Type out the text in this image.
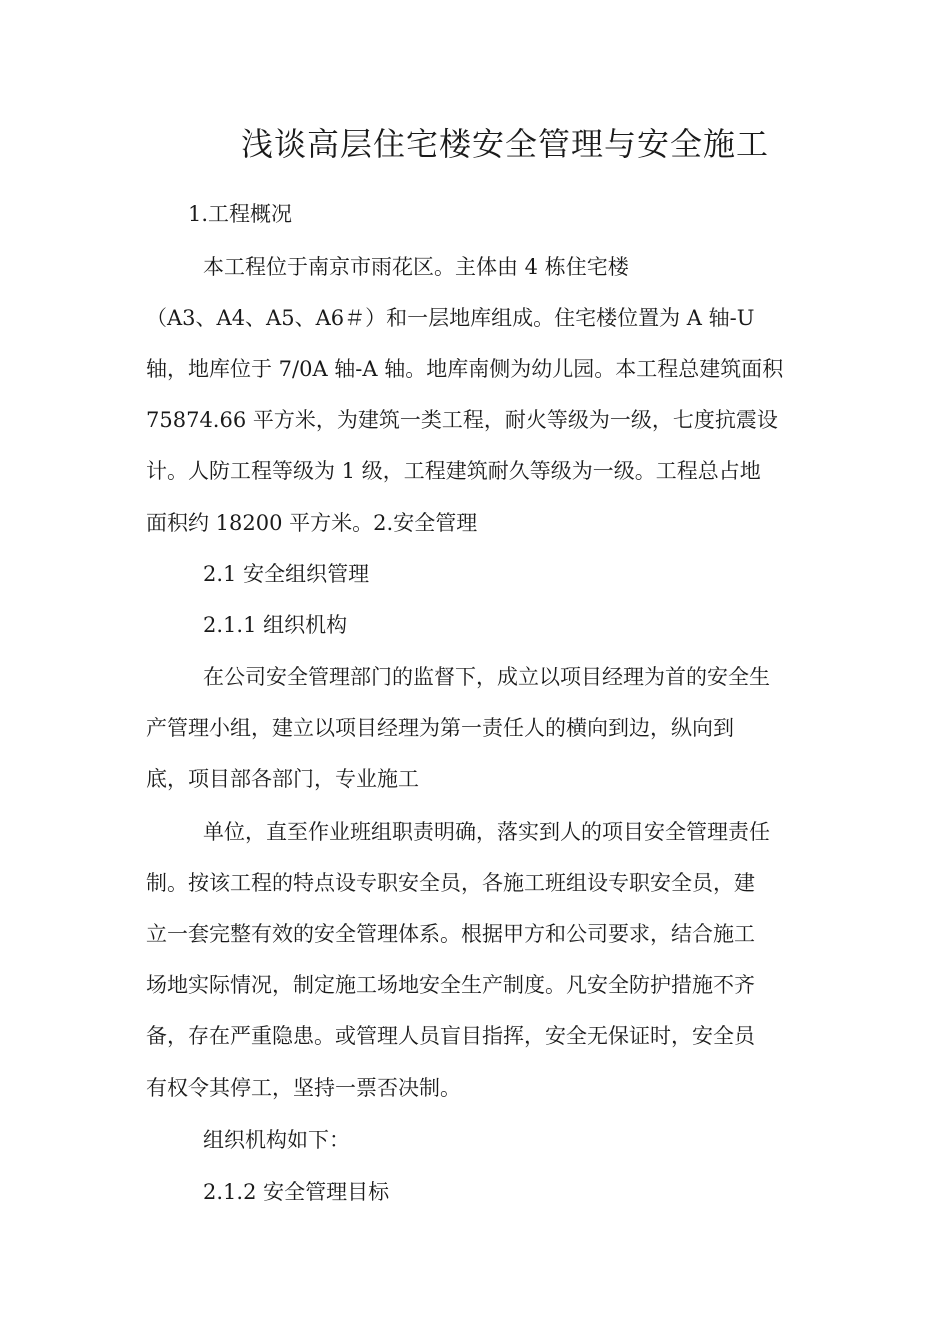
浅谈高层住宅楼安全管理与安全施工
1.工程概况
本工程位于南京市雨花区。主体由 4 栋住宅楼
（A3、A4、A5、A6＃）和一层地库组成。住宅楼位置为 A 轴-U
轴，地库位于 7/0A 轴-A 轴。地库南侧为幼儿园。本工程总建筑面积
75874.66 平方米，为建筑一类工程，耐火等级为一级，七度抗震设
计。人防工程等级为 1 级，工程建筑耐久等级为一级。工程总占地
面积约 18200 平方米。2.安全管理
2.1 安全组织管理
2.1.1 组织机构
在公司安全管理部门的监督下，成立以项目经理为首的安全生
产管理小组，建立以项目经理为第一责任人的横向到边，纵向到
底，项目部各部门，专业施工
单位，直至作业班组职责明确，落实到人的项目安全管理责任
制。按该工程的特点设专职安全员，各施工班组设专职安全员，建
立一套完整有效的安全管理体系。根据甲方和公司要求，结合施工
场地实际情况，制定施工场地安全生产制度。凡安全防护措施不齐
备，存在严重隐患。或管理人员盲目指挥，安全无保证时，安全员
有权令其停工，坚持一票否决制。
组织机构如下：
2.1.2 安全管理目标
